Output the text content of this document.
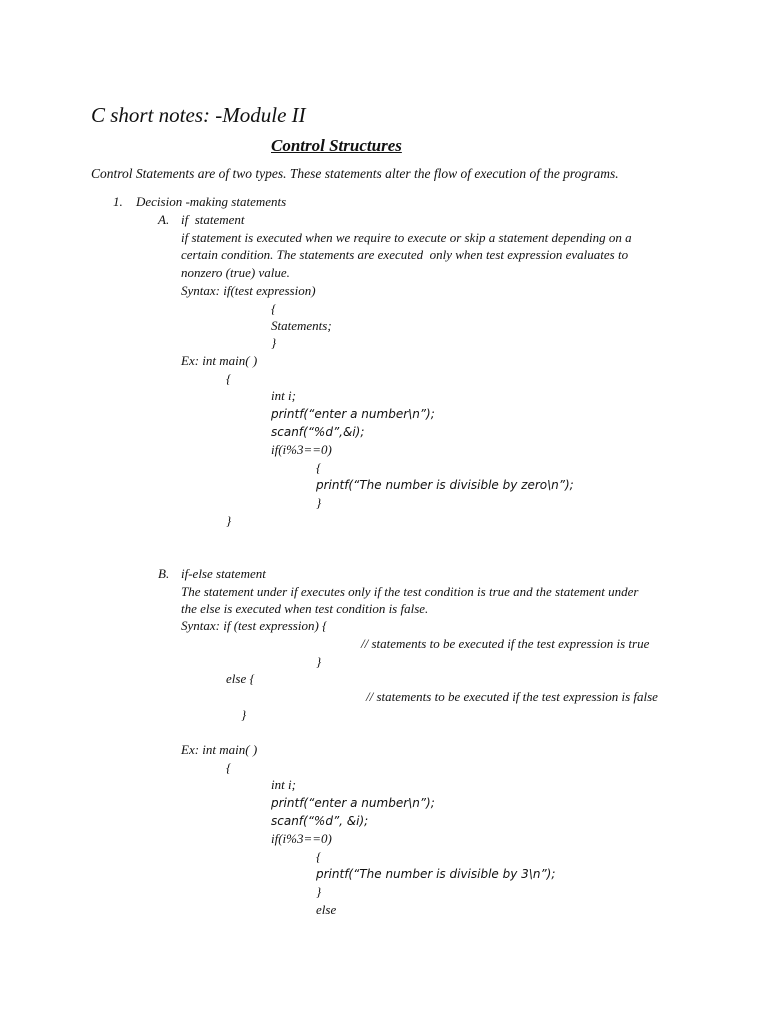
C short notes: -Module II
Control Structures
Control Statements are of two types. These statements alter the flow of execution of the programs.
1. Decision -making statements
A. if  statement
if statement is executed when we require to execute or skip a statement depending on a
certain condition. The statements are executed  only when test expression evaluates to
nonzero (true) value.
Syntax: if(test expression)
{
Statements;
}
Ex: int main( )
{
int i;
printf(“enter a number\n”);
scanf(“%d”,&i);
if(i%3==0)
{
printf(“The number is divisible by zero\n”);
}
}
B. if-else statement
The statement under if executes only if the test condition is true and the statement under
the else is executed when test condition is false.
Syntax: if (test expression) {
// statements to be executed if the test expression is true
}
else {
// statements to be executed if the test expression is false
}
Ex: int main( )
{
int i;
printf(“enter a number\n”);
scanf(“%d”, &i);
if(i%3==0)
{
printf(“The number is divisible by 3\n”);
}
else
